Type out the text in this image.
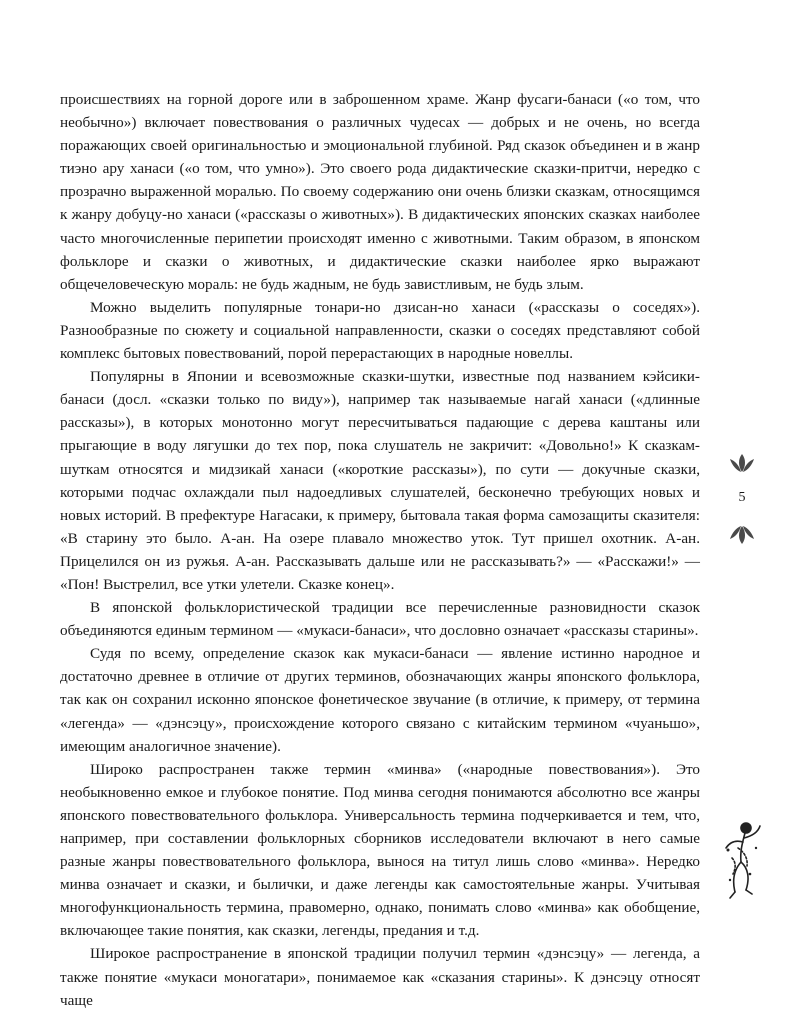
происшествиях на горной дороге или в заброшенном храме. Жанр фусаги-банаси («о том, что необычно») включает повествования о различных чудесах — добрых и не очень, но всегда поражающих своей оригинальностью и эмоциональной глубиной. Ряд сказок объединен и в жанр тиэно ару ханаси («о том, что умно»). Это своего рода дидактические сказки-притчи, нередко с прозрачно выраженной моралью. По своему содержанию они очень близки сказкам, относящимся к жанру добуцу-но ханаси («рассказы о животных»). В дидактических японских сказках наиболее часто многочисленные перипетии происходят именно с животными. Таким образом, в японском фольклоре и сказки о животных, и дидактические сказки наиболее ярко выражают общечеловеческую мораль: не будь жадным, не будь завистливым, не будь злым.

Можно выделить популярные тонари-но дзисан-но ханаси («рассказы о соседях»). Разнообразные по сюжету и социальной направленности, сказки о соседях представляют собой комплекс бытовых повествований, порой перерастающих в народные новеллы.

Популярны в Японии и всевозможные сказки-шутки, известные под названием кэйсики-банаси (досл. «сказки только по виду»), например так называемые нагай ханаси («длинные рассказы»), в которых монотонно могут пересчитываться падающие с дерева каштаны или прыгающие в воду лягушки до тех пор, пока слушатель не закричит: «Довольно!» К сказкам-шуткам относятся и мидзикай ханаси («короткие рассказы»), по сути — докучные сказки, которыми подчас охлаждали пыл надоедливых слушателей, бесконечно требующих новых и новых историй. В префектуре Нагасаки, к примеру, бытовала такая форма самозащиты сказителя: «В старину это было. А-ан. На озере плавало множество уток. Тут пришел охотник. А-ан. Прицелился он из ружья. А-ан. Рассказывать дальше или не рассказывать?» — «Расскажи!» — «Пон! Выстрелил, все утки улетели. Сказке конец».

В японской фольклористической традиции все перечисленные разновидности сказок объединяются единым термином — «мукаси-банаси», что дословно означает «рассказы старины».

Судя по всему, определение сказок как мукаси-банаси — явление истинно народное и достаточно древнее в отличие от других терминов, обозначающих жанры японского фольклора, так как он сохранил исконно японское фонетическое звучание (в отличие, к примеру, от термина «легенда» — «дэнсэцу», происхождение которого связано с китайским термином «чуаньшо», имеющим аналогичное значение).

Широко распространен также термин «минва» («народные повествования»). Это необыкновенно емкое и глубокое понятие. Под минва сегодня понимаются абсолютно все жанры японского повествовательного фольклора. Универсальность термина подчеркивается и тем, что, например, при составлении фольклорных сборников исследователи включают в него самые разные жанры повествовательного фольклора, вынося на титул лишь слово «минва». Нередко минва означает и сказки, и былички, и даже легенды как самостоятельные жанры. Учитывая многофункциональность термина, правомерно, однако, понимать слово «минва» как обобщение, включающее такие понятия, как сказки, легенды, предания и т.д.

Широкое распространение в японской традиции получил термин «дэнсэцу» — легенда, а также понятие «мукаси моногатари», понимаемое как «сказания старины». К дэнсэцу относят чаще

5
